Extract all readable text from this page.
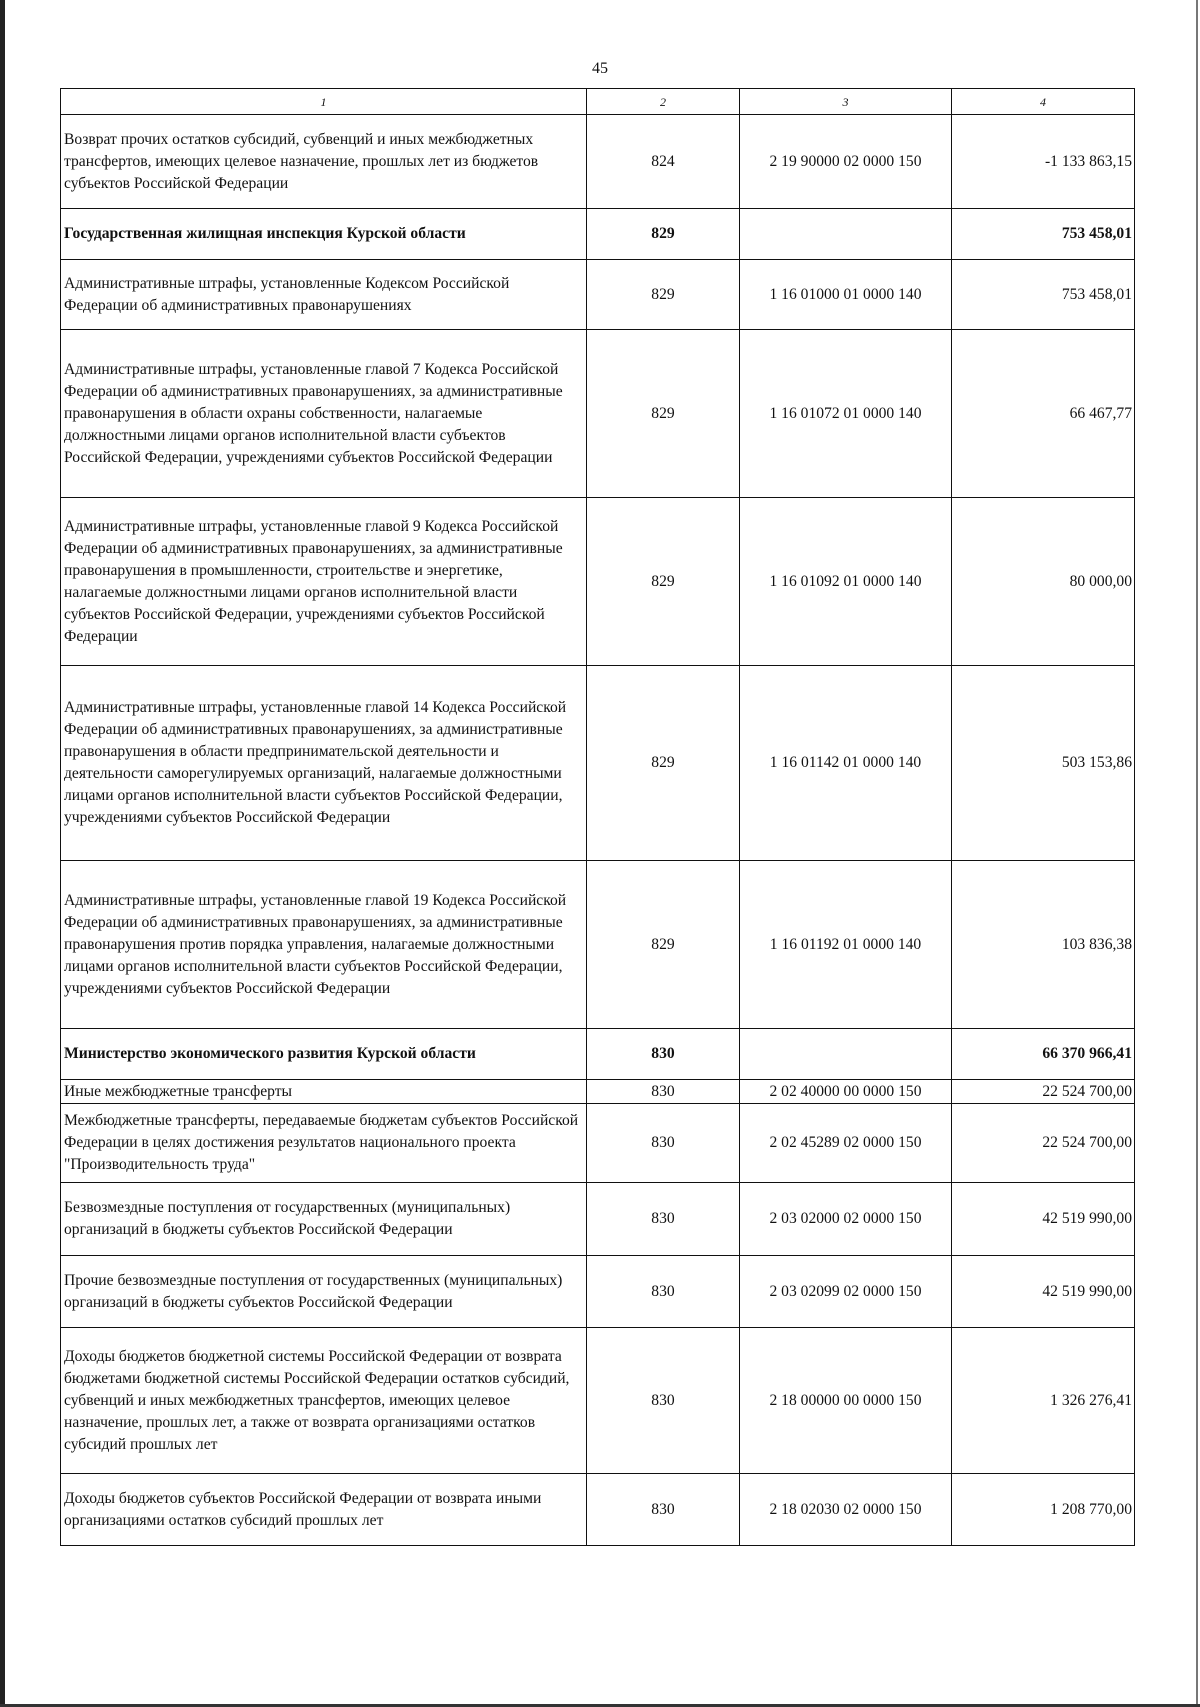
45
1	2	3	4
Возврат прочих остатков субсидий, субвенций и иных межбюджетных трансфертов, имеющих целевое назначение, прошлых лет из бюджетов субъектов Российской Федерации	824	2 19 90000 02 0000 150	-1 133 863,15
Государственная жилищная инспекция Курской области	829		753 458,01
Административные штрафы, установленные Кодексом Российской Федерации об административных правонарушениях	829	1 16 01000 01 0000 140	753 458,01
Административные штрафы, установленные главой 7 Кодекса Российской Федерации об административных правонарушениях, за административные правонарушения в области охраны собственности, налагаемые должностными лицами органов исполнительной власти субъектов Российской Федерации, учреждениями субъектов Российской Федерации	829	1 16 01072 01 0000 140	66 467,77
Административные штрафы, установленные главой 9 Кодекса Российской Федерации об административных правонарушениях, за административные правонарушения в промышленности, строительстве и энергетике, налагаемые должностными лицами органов исполнительной власти субъектов Российской Федерации, учреждениями субъектов Российской Федерации	829	1 16 01092 01 0000 140	80 000,00
Административные штрафы, установленные главой 14 Кодекса Российской Федерации об административных правонарушениях, за административные правонарушения в области предпринимательской деятельности и деятельности саморегулируемых организаций, налагаемые должностными лицами органов исполнительной власти субъектов Российской Федерации, учреждениями субъектов Российской Федерации	829	1 16 01142 01 0000 140	503 153,86
Административные штрафы, установленные главой 19 Кодекса Российской Федерации об административных правонарушениях, за административные правонарушения против порядка управления, налагаемые должностными лицами органов исполнительной власти субъектов Российской Федерации, учреждениями субъектов Российской Федерации	829	1 16 01192 01 0000 140	103 836,38
Министерство экономического развития Курской области	830		66 370 966,41
Иные межбюджетные трансферты	830	2 02 40000 00 0000 150	22 524 700,00
Межбюджетные трансферты, передаваемые бюджетам субъектов Российской Федерации в целях достижения результатов национального проекта "Производительность труда"	830	2 02 45289 02 0000 150	22 524 700,00
Безвозмездные поступления от государственных (муниципальных) организаций в бюджеты субъектов Российской Федерации	830	2 03 02000 02 0000 150	42 519 990,00
Прочие безвозмездные поступления от государственных (муниципальных) организаций в бюджеты субъектов Российской Федерации	830	2 03 02099 02 0000 150	42 519 990,00
Доходы бюджетов бюджетной системы Российской Федерации от возврата бюджетами бюджетной системы Российской Федерации остатков субсидий, субвенций и иных межбюджетных трансфертов, имеющих целевое назначение, прошлых лет, а также от возврата организациями остатков субсидий прошлых лет	830	2 18 00000 00 0000 150	1 326 276,41
Доходы бюджетов субъектов Российской Федерации от возврата иными организациями остатков субсидий прошлых лет	830	2 18 02030 02 0000 150	1 208 770,00
